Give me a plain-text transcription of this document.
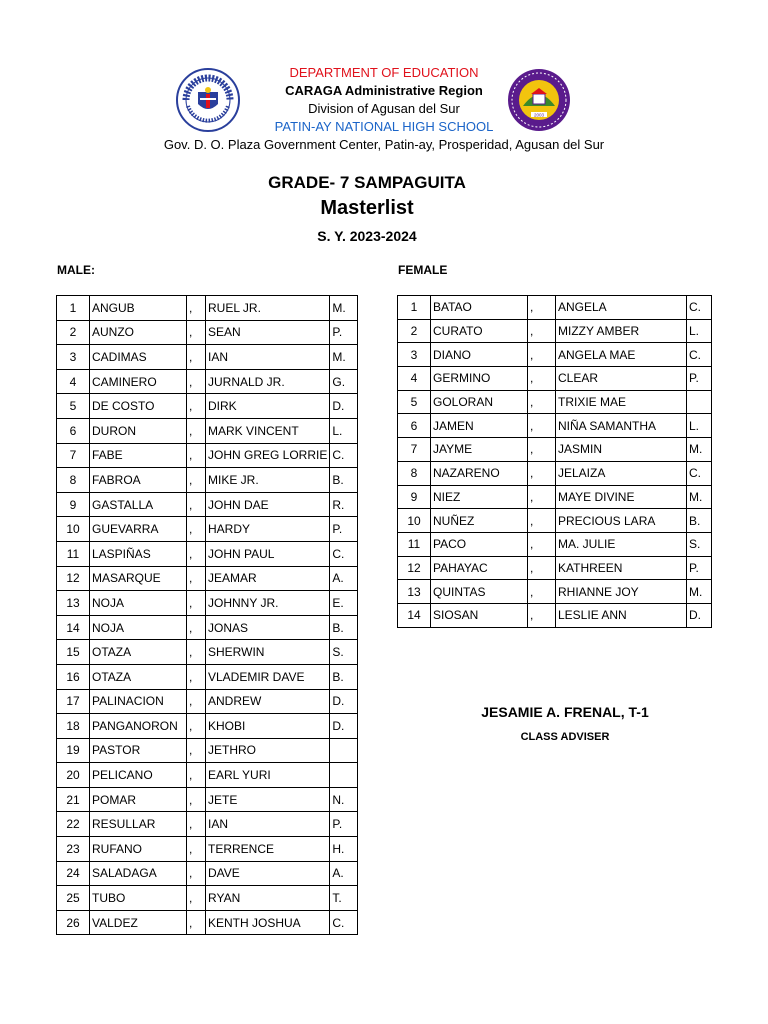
2003
DEPARTMENT OF EDUCATION
CARAGA Administrative Region
Division of Agusan del Sur
PATIN-AY NATIONAL HIGH SCHOOL
Gov. D. O. Plaza Government Center, Patin-ay, Prosperidad, Agusan del Sur
GRADE- 7 SAMPAGUITA
Masterlist
S. Y. 2023-2024
MALE:	FEMALE
1	ANGUB	,	RUEL JR.	M.
2	AUNZO	,	SEAN	P.
3	CADIMAS	,	IAN	M.
4	CAMINERO	,	JURNALD JR.	G.
5	DE COSTO	,	DIRK	D.
6	DURON	,	MARK VINCENT	L.
7	FABE	,	JOHN GREG LORRIE	C.
8	FABROA	,	MIKE JR.	B.
9	GASTALLA	,	JOHN DAE	R.
10	GUEVARRA	,	HARDY	P.
11	LASPIÑAS	,	JOHN PAUL	C.
12	MASARQUE	,	JEAMAR	A.
13	NOJA	,	JOHNNY JR.	E.
14	NOJA	,	JONAS	B.
15	OTAZA	,	SHERWIN	S.
16	OTAZA	,	VLADEMIR DAVE	B.
17	PALINACION	,	ANDREW	D.
18	PANGANORON	,	KHOBI	D.
19	PASTOR	,	JETHRO	
20	PELICANO	,	EARL YURI	
21	POMAR	,	JETE	N.
22	RESULLAR	,	IAN	P.
23	RUFANO	,	TERRENCE	H.
24	SALADAGA	,	DAVE	A.
25	TUBO	,	RYAN	T.
26	VALDEZ	,	KENTH JOSHUA	C.
1	BATAO	,	ANGELA	C.
2	CURATO	,	MIZZY AMBER	L.
3	DIANO	,	ANGELA MAE	C.
4	GERMINO	,	CLEAR	P.
5	GOLORAN	,	TRIXIE MAE	
6	JAMEN	,	NIÑA SAMANTHA	L.
7	JAYME	,	JASMIN	M.
8	NAZARENO	,	JELAIZA	C.
9	NIEZ	,	MAYE DIVINE	M.
10	NUÑEZ	,	PRECIOUS LARA	B.
11	PACO	,	MA. JULIE	S.
12	PAHAYAC	,	KATHREEN	P.
13	QUINTAS	,	RHIANNE JOY	M.
14	SIOSAN	,	LESLIE ANN	D.
JESAMIE A. FRENAL, T-1
CLASS ADVISER
